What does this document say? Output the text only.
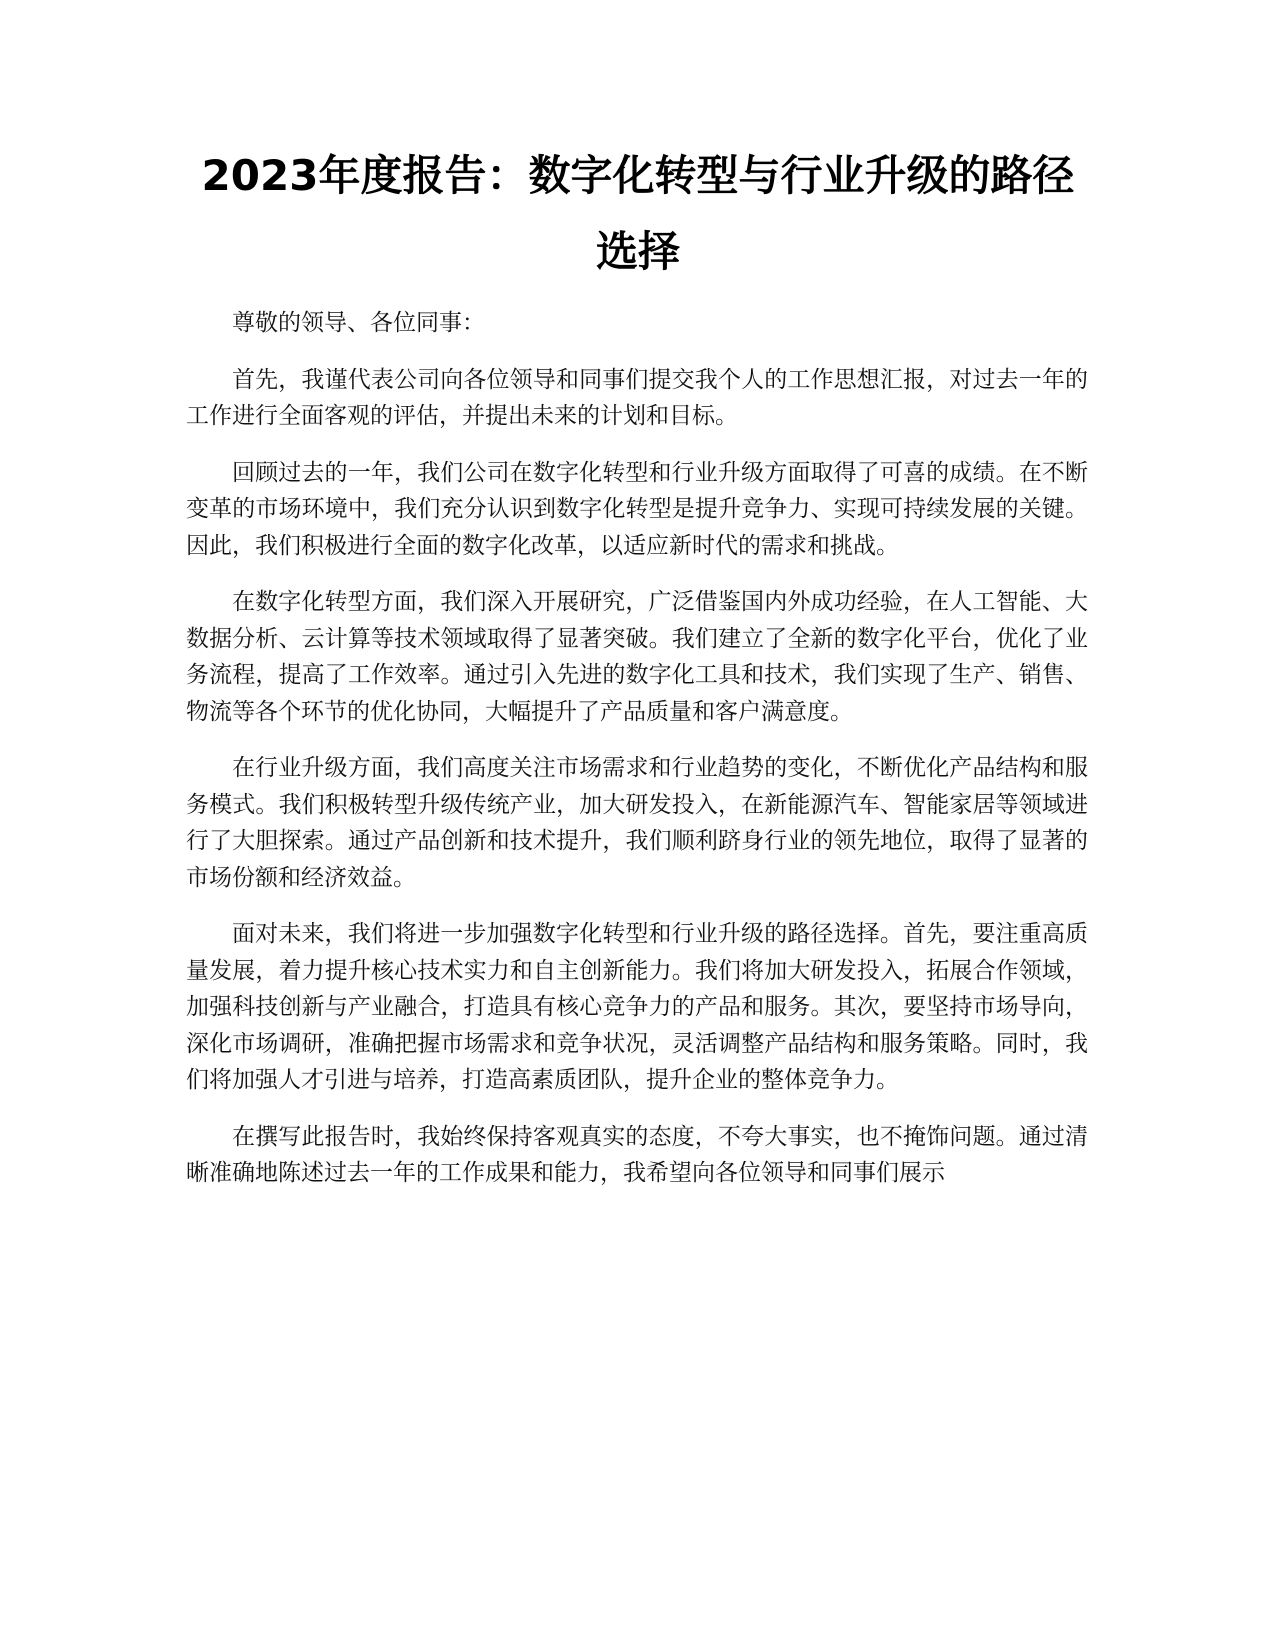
2023年度报告：数字化转型与行业升级的路径选择

尊敬的领导、各位同事：

首先，我谨代表公司向各位领导和同事们提交我个人的工作思想汇报，对过去一年的工作进行全面客观的评估，并提出未来的计划和目标。

回顾过去的一年，我们公司在数字化转型和行业升级方面取得了可喜的成绩。在不断变革的市场环境中，我们充分认识到数字化转型是提升竞争力、实现可持续发展的关键。因此，我们积极进行全面的数字化改革，以适应新时代的需求和挑战。

在数字化转型方面，我们深入开展研究，广泛借鉴国内外成功经验，在人工智能、大数据分析、云计算等技术领域取得了显著突破。我们建立了全新的数字化平台，优化了业务流程，提高了工作效率。通过引入先进的数字化工具和技术，我们实现了生产、销售、物流等各个环节的优化协同，大幅提升了产品质量和客户满意度。

在行业升级方面，我们高度关注市场需求和行业趋势的变化，不断优化产品结构和服务模式。我们积极转型升级传统产业，加大研发投入，在新能源汽车、智能家居等领域进行了大胆探索。通过产品创新和技术提升，我们顺利跻身行业的领先地位，取得了显著的市场份额和经济效益。

面对未来，我们将进一步加强数字化转型和行业升级的路径选择。首先，要注重高质量发展，着力提升核心技术实力和自主创新能力。我们将加大研发投入，拓展合作领域，加强科技创新与产业融合，打造具有核心竞争力的产品和服务。其次，要坚持市场导向，深化市场调研，准确把握市场需求和竞争状况，灵活调整产品结构和服务策略。同时，我们将加强人才引进与培养，打造高素质团队，提升企业的整体竞争力。

在撰写此报告时，我始终保持客观真实的态度，不夸大事实，也不掩饰问题。通过清晰准确地陈述过去一年的工作成果和能力，我希望向各位领导和同事们展示
